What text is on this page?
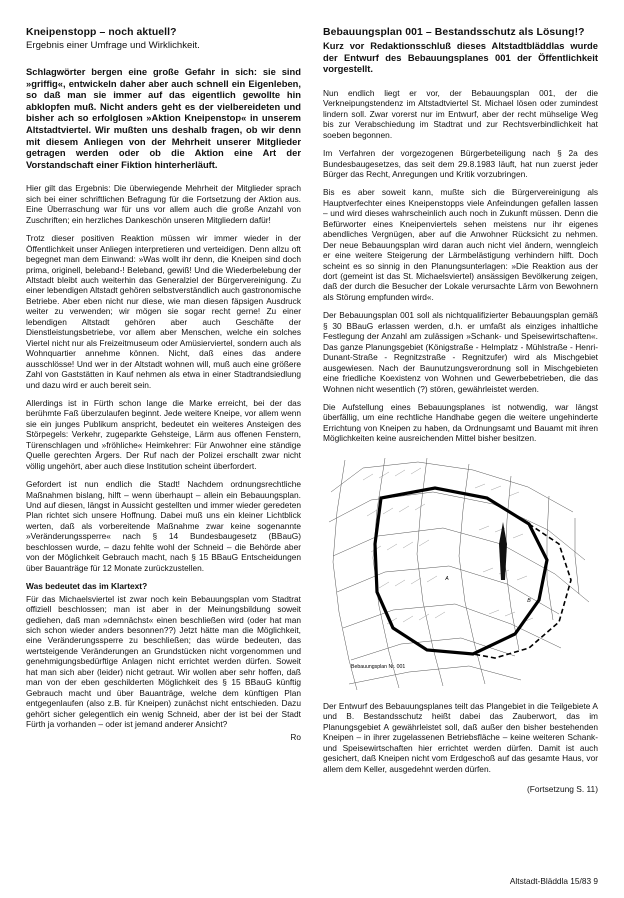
Kneipenstopp – noch aktuell?
Ergebnis einer Umfrage und Wirklichkeit.

Schlagwörter bergen eine große Gefahr in sich: sie sind »griffig«, entwickeln daher aber auch schnell ein Eigenleben, so daß man sie immer auf das eigentlich gewollte hin abklopfen muß. Nicht anders geht es der vielbereideten und bisher ach so erfolglosen »Aktion Kneipenstop« in unserem Altstadtviertel. Wir mußten uns deshalb fragen, ob wir denn mit diesem Anliegen von der Mehrheit unserer Mitglieder getragen werden oder ob die Aktion eine Art der Vorstandschaft einer Fiktion hinterherläuft.

Hier gilt das Ergebnis: Die überwiegende Mehrheit der Mitglieder sprach sich bei einer schriftlichen Befragung für die Fortsetzung der Aktion aus. Eine Überraschung war für uns vor allem auch die große Anzahl von Zuschriften; ein herzliches Dankeschön unseren Mitgliedern dafür!

Trotz dieser positiven Reaktion müssen wir immer wieder in der Öffentlichkeit unser Anliegen interpretieren und verteidigen. Denn allzu oft begegnet man dem Einwand: »Was wollt ihr denn, die Kneipen sind doch prima, originell, beleband-! Beleband, gewiß! Und die Wiederbelebung der Altstadt bleibt auch weiterhin das Generalziel der Bürgervereinigung. Zu einer lebendigen Altstadt gehören selbstverständlich auch gastronomische Betriebe. Aber eben nicht nur diese, wie man diesen fäpsigen Ausdruck weiter zu verwenden; wir mögen sie sogar recht gerne! Zu einer lebendigen Altstadt gehören aber auch Geschäfte der Dienstleistungsbetriebe, vor allem aber Menschen, welche ein solches Viertel nicht nur als Freizeitmuseum oder Amüsierviertel, sondern auch als Wohnquartier annehme können. Nicht, daß eines das andere ausschlösse! Und wer in der Altstadt wohnen will, muß auch eine größere Zahl von Gaststätten in Kauf nehmen als etwa in einer Stadtrandsiedlung und dazu wird er auch bereit sein.

Allerdings ist in Fürth schon lange die Marke erreicht, bei der das berühmte Faß überzulaufen beginnt. Jede weitere Kneipe, vor allem wenn sie ein junges Publikum anspricht, bedeutet ein weiteres Ansteigen des Störpegels: Verkehr, zugeparkte Gehsteige, Lärm aus offenen Fenstern, Türenschlagen und »fröhliche« Heimkehrer: Für Anwohner eine ständige Quelle gerechten Ärgers. Der Ruf nach der Polizei erschallt zwar nicht völlig ungehört, aber auch diese Institution scheint überfordert.

Gefordert ist nun endlich die Stadt! Nachdem ordnungsrechtliche Maßnahmen bislang, hilft – wenn überhaupt – allein ein Bebauungsplan. Und auf diesen, längst in Aussicht gestellten und immer wieder geredeten Plan richtet sich unsere Hoffnung. Dabei muß uns ein kleiner Lichtblick werten, daß als vorbereitende Maßnahme zwar keine sogenannte »Veränderungssperre« nach § 14 Bundesbaugesetz (BBauG) beschlossen wurde, – dazu fehlte wohl der Schneid – die Behörde aber von der Möglichkeit Gebrauch macht, nach § 15 BBauG Entscheidungen über Bauanträge für 12 Monate zurückzustellen.

Was bedeutet das im Klartext?

Für das Michaelsviertel ist zwar noch kein Bebauungsplan vom Stadtrat offiziell beschlossen; man ist aber in der Meinungsbildung soweit gediehen, daß man »demnächst« einen beschließen wird (oder hat man sich schon wieder anders besonnen??) Jetzt hätte man die Möglichkeit, eine Veränderungssperre zu beschließen; das würde bedeuten, das wertsteigende Veränderungen an Grundstücken nicht vorgenommen und genehmigungsbedürftige Anlagen nicht errichtet werden dürfen. Soweit hat man sich aber (leider) nicht getraut. Wir wollen aber sehr hoffen, daß man von der eben geschilderten Möglichkeit des § 15 BBauG künftig Gebrauch macht und über Bauanträge, welche dem künftigen Plan entgegenlaufen (also z.B. für Kneipen) zunächst nicht entschieden. Dazu gehört sicher gelegentlich ein wenig Schneid, aber der ist bei der Stadt Fürth ja vorhanden – oder ist jemand anderer Ansicht?

Ro
Bebauungsplan 001 – Bestandsschutz als Lösung!?

Kurz vor Redaktionsschluß dieses Altstadtbläddlas wurde der Entwurf des Bebauungsplanes 001 der Öffentlichkeit vorgestellt.

Nun endlich liegt er vor, der Bebauungsplan 001, der die Verkneipungstendenz im Altstadtviertel St. Michael lösen oder zumindest lindern soll. Zwar vorerst nur im Entwurf, aber der recht mühselige Weg bis zur Verabschiedung im Stadtrat und zur Rechtsverbindlichkeit hat soeben begonnen.

Im Verfahren der vorgezogenen Bürgerbeteiligung nach § 2a des Bundesbaugesetzes, das seit dem 29.8.1983 läuft, hat nun zuerst jeder Bürger das Recht, Anregungen und Kritik vorzubringen.

Bis es aber soweit kann, mußte sich die Bürgervereinigung als Hauptverfechter eines Kneipenstopps viele Anfeindungen gefallen lassen – und wird dieses wahrscheinlich auch noch in Zukunft müssen. Denn die Befürworter eines Kneipenviertels sehen meistens nur ihr eigenes abendliches Vergnügen, aber auf die Anwohner Rücksicht zu nehmen. Der neue Bebauungsplan wird daran auch nicht viel ändern, wenngleich er eine weitere Steigerung der Lärmbelästigung verhindern hilft. Doch scheint es so sinnig in den Planungsunterlagen: »Die Reaktion aus der dort (gemeint ist das St. Michaelsviertel) ansässigen Bevölkerung zeigen, daß der durch die Besucher der Lokale verursachte Lärm von Bewohnern als Störung empfunden wird«.

Der Bebauungsplan 001 soll als nichtqualifizierter Bebauungsplan gemäß § 30 BBauG erlassen werden, d.h. er umfaßt als einziges inhaltliche Festlegung der Anzahl am zulässigen »Schank- und Speisewirtschaften«. Das ganze Planungsgebiet (Königstraße - Helmplatz - Mühlstraße - Henri-Dunant-Straße - Regnitzstraße - Regnitzufer) wird als Mischgebiet ausgewiesen. Nach der Baunutzungsverordnung soll in Mischgebieten eine friedliche Koexistenz von Wohnen und Gewerbebetrieben, die das Wohnen nicht wesentlich (?) stören, gewährleistet werden.

Die Aufstellung eines Bebauungsplanes ist notwendig, war längst überfällig, um eine rechtliche Handhabe gegen die weitere ungehinderte Errichtung von Kneipen zu haben, da Ordnungsamt und Bauamt mit ihren Möglichkeiten keine ausreichenden Mittel bisher besitzen.

A
B
Bebauungsplan Nr. 001
Der Entwurf des Bebauungsplanes teilt das Plangebiet in die Teilgebiete A und B. Bestandsschutz heißt dabei das Zauberwort, das im Planungsgebiet A gewährleistet soll, daß außer den bisher bestehenden Kneipen – in ihrer zugelassenen Betriebsfläche – keine weiteren Schank- und Speisewirtschaften hier errichtet werden dürfen. Damit ist auch gesichert, daß Kneipen nicht vom Erdgeschoß auf das gesamte Haus, vor allem dem Keller, ausgedehnt werden dürfen.
(Fortsetzung S. 11)
Altstadt-Bläddla 15/83 9
